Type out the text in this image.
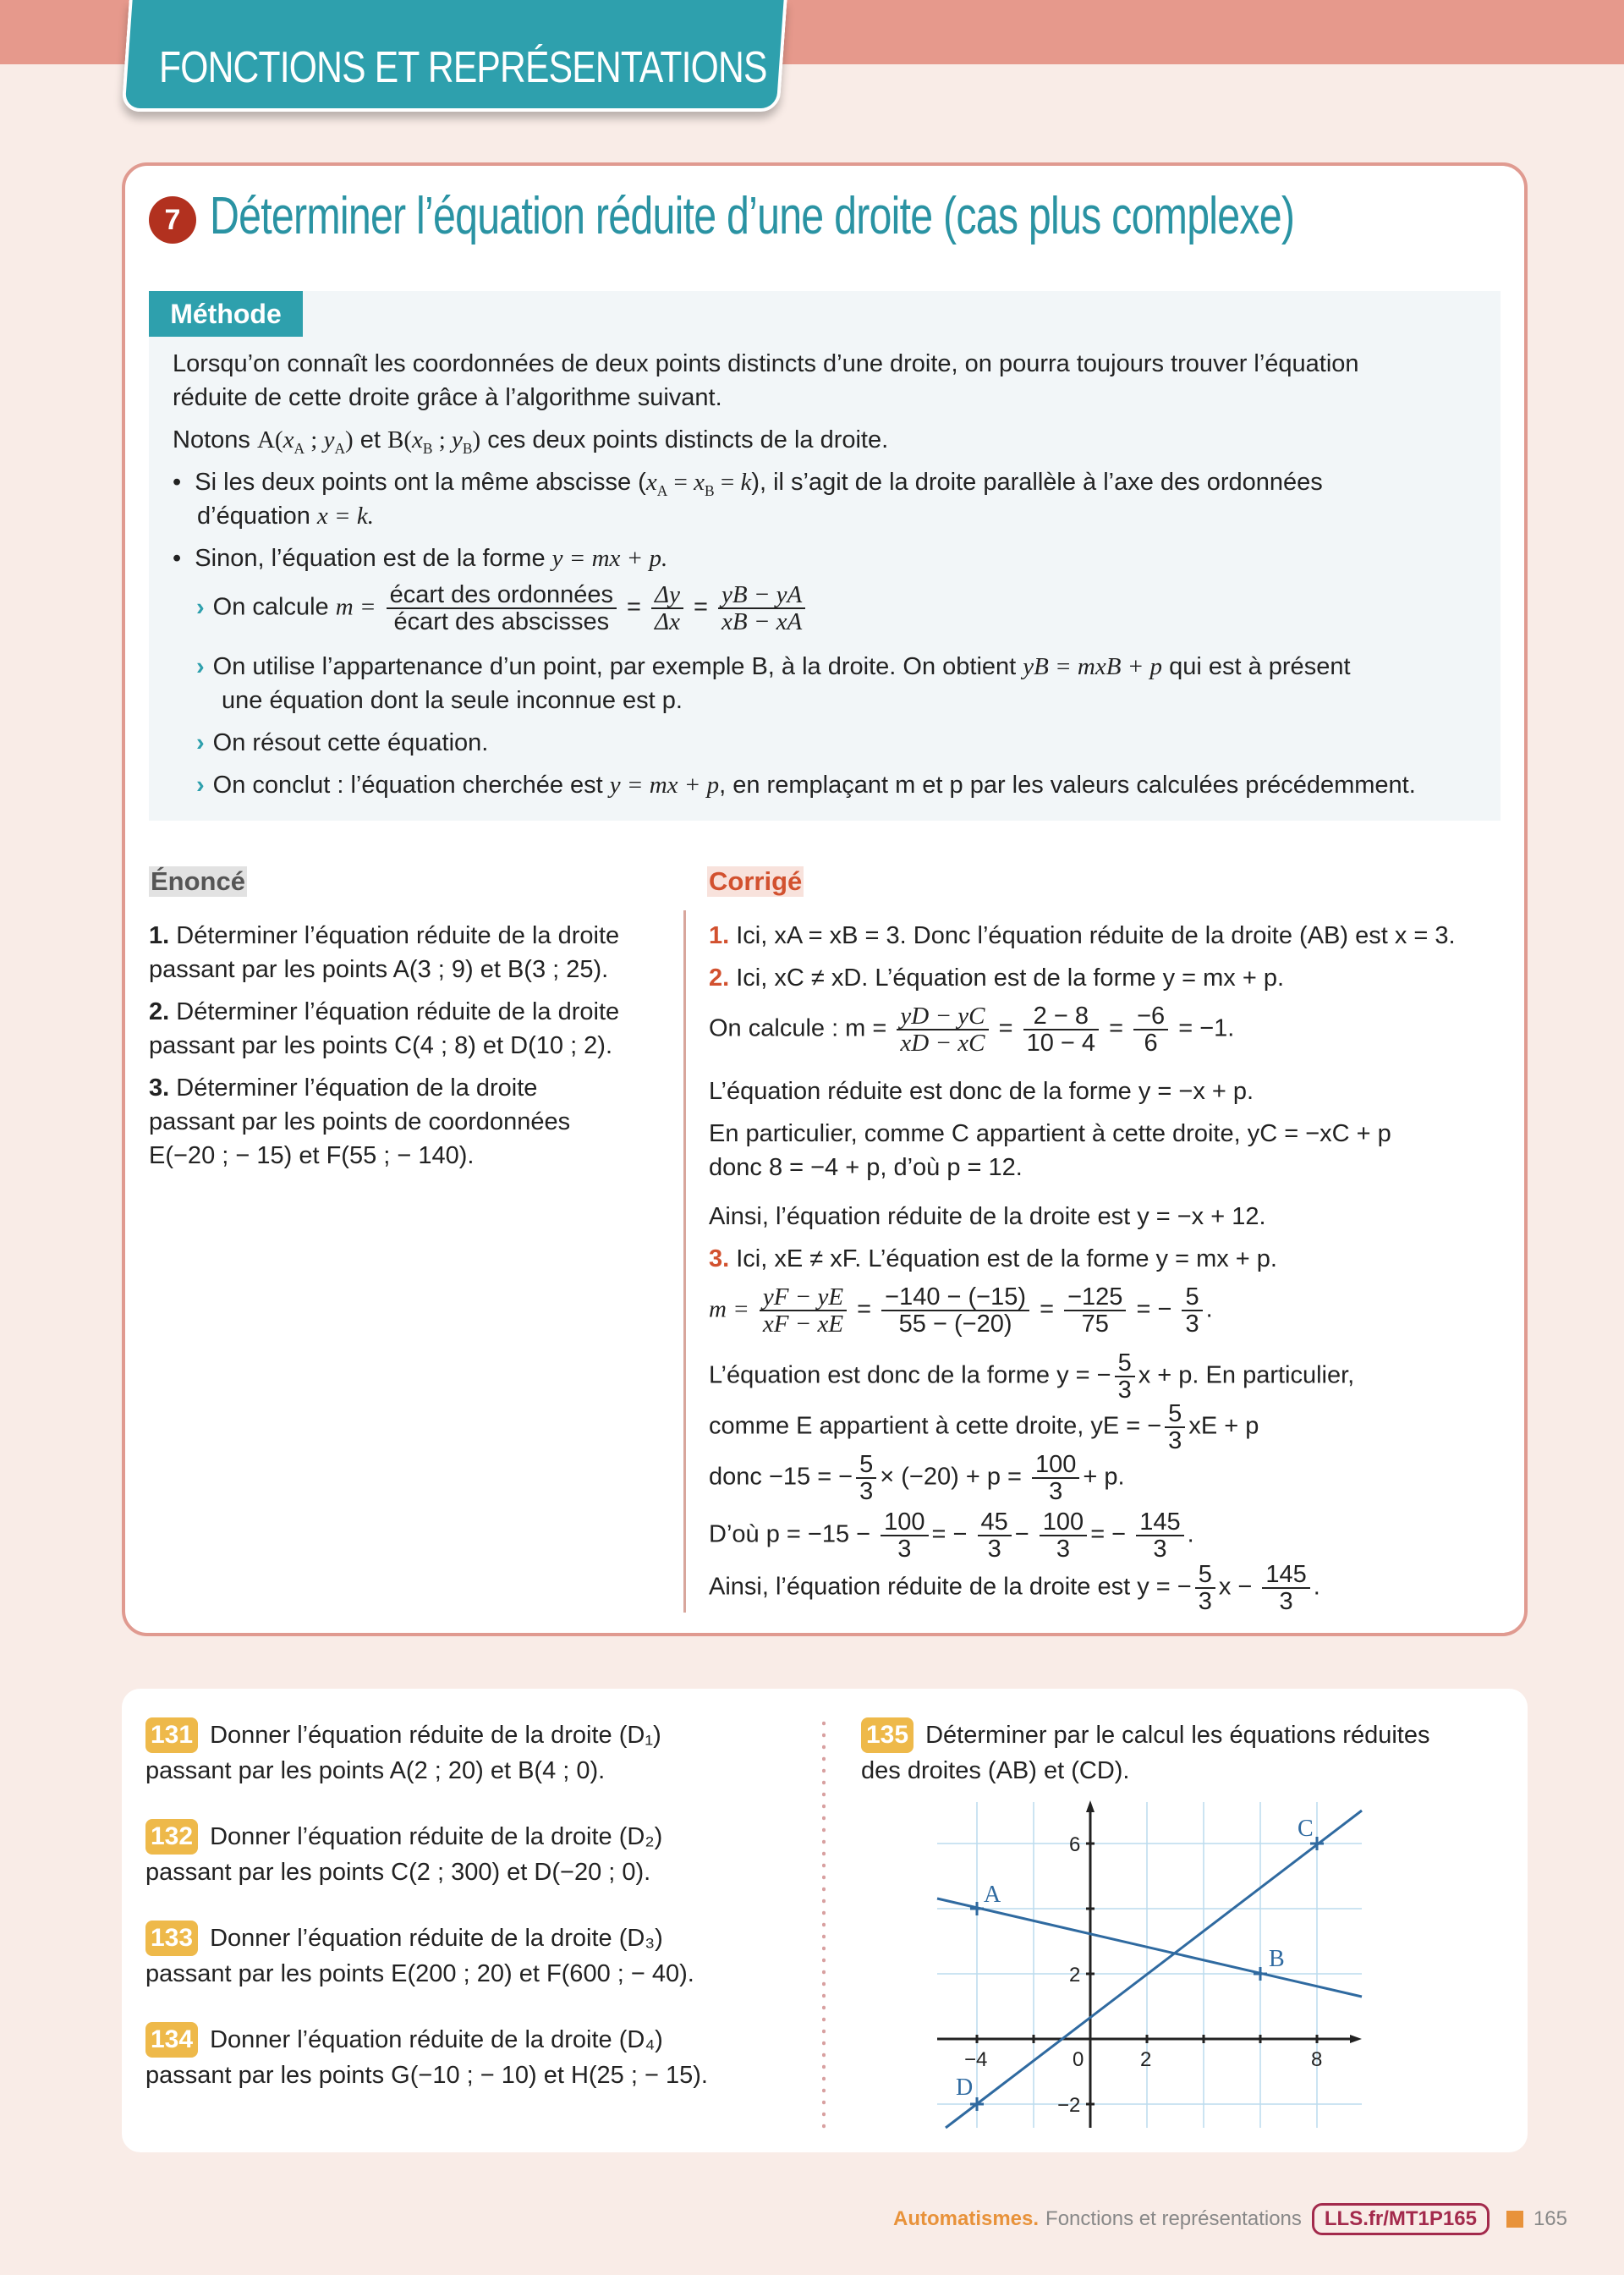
FONCTIONS ET REPRÉSENTATIONS
7 Déterminer l’équation réduite d’une droite (cas plus complexe)
Méthode
Lorsqu’on connaît les coordonnées de deux points distincts d’une droite, on pourra toujours trouver l’équation
réduite de cette droite grâce à l’algorithme suivant.
Notons $A(x_A$ ; $y_A$) et $B(x_B$ ; $y_B$) ces deux points distincts de la droite.
•  Si les deux points ont la même abscisse $(x_A = x_B = k)$, il s’agit de la droite parallèle à l’axe des ordonnées
d’équation x = k.
•  Sinon, l’équation est de la forme y = mx + p.
› On calcule $m = \frac{\text{écart des ordonnées}}{\text{écart des abscisses}} = \frac{\Delta y}{\Delta x} = \frac{yB - yA}{xB - xA}$
› On utilise l’appartenance d’un point, par exemple B, à la droite. On obtient yB = mxB + p qui est à présent
une équation dont la seule inconnue est p.
› On résout cette équation.
› On conclut : l’équation cherchée est y = mx + p, en remplaçant m et p par les valeurs calculées précédemment.
Énoncé	Corrigé
1. Déterminer l’équation réduite de la droite
passant par les points A(3 ; 9) et B(3 ; 25).
2. Déterminer l’équation réduite de la droite
passant par les points C(4 ; 8) et D(10 ; 2).
3. Déterminer l’équation de la droite
passant par les points de coordonnées
E(−20 ; − 15) et F(55 ; − 140).
1. Ici, xA = xB = 3. Donc l’équation réduite de la droite (AB) est x = 3.
2. Ici, xC ≠ xD. L’équation est de la forme y = mx + p.
On calcule : $m = \frac{yD - yC}{xD - xC} = \frac{2 - 8}{10 - 4} = \frac{-6}{6} = -1$.
L’équation réduite est donc de la forme y = −x + p.
En particulier, comme C appartient à cette droite, yC = −xC + p
donc 8 = −4 + p, d’où p = 12.
Ainsi, l’équation réduite de la droite est y = −x + 12.
3. Ici, xE ≠ xF. L’équation est de la forme y = mx + p.
$m = \frac{yF - yE}{xF - xE} = \frac{-140 - (-15)}{55 - (-20)} = \frac{-125}{75}$ = − $\frac{5}{3}$ .
L’équation est donc de la forme y = − $\frac{5}{3}$ x + p. En particulier,
comme E appartient à cette droite, yE = − $\frac{5}{3}$ xE + p
donc −15 = − $\frac{5}{3} \times (-20) + p = \frac{100}{3} + p$.
D’où $p = -15 - \frac{100}{3}$ = − $\frac{45}{3} - \frac{100}{3}$ = − $\frac{145}{3}$ .
Ainsi, l’équation réduite de la droite est y = − $\frac{5}{3}$ $x - \frac{145}{3}$ .
131 Donner l’équation réduite de la droite (D₁)
passant par les points A(2 ; 20) et B(4 ; 0).
132 Donner l’équation réduite de la droite (D₂)
passant par les points C(2 ; 300) et D(−20 ; 0).
133 Donner l’équation réduite de la droite (D₃)
passant par les points E(200 ; 20) et F(600 ; − 40).
134 Donner l’équation réduite de la droite (D₄)
passant par les points G(−10 ; − 10) et H(25 ; − 15).
135 Déterminer par le calcul les équations réduites
des droites (AB) et (CD).
−4	0	2	8
6
2
−2
A
B
C
D
Automatismes. Fonctions et représentations	LLS.fr/MT1P165	165
